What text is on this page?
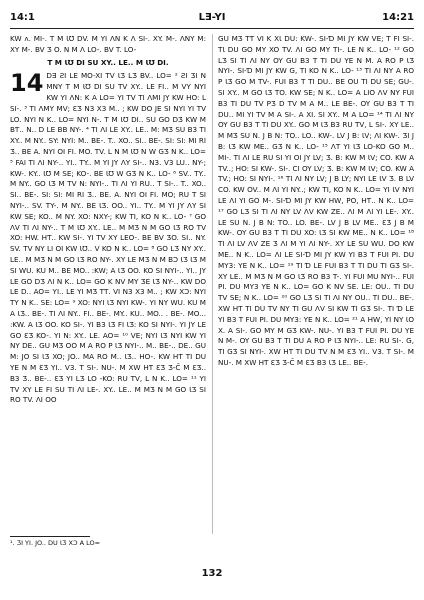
14:1	LƎ-YI	14:21
KW ʌ. MI-. T M ƖƱ DV. M YI ɅN K Λ SI-. XY. M-. ɅNY M: XY M-. BV Ʒ O. N M Λ LO-. BV T. LO-
T M ƖƱ DI SU XY.. LE.. M ƖƱ DI.
14 DƎ ƧI LE MO-XI TV ƖƷ LƷ BV.. LO= ² ƧI ƷI N MNY T M ƖƱ DI SU TV XY.. LE FI.. M VY NYI KW YI ɅN: K A LO= YI TV TI ɅMI JY KW HO: L SI-. ³ TI ɅMY MV; ƐƷ N3 X3 M.. ; KW DO JE SI NYI YI TV LO. NYI N K.. LO= NYI N-. T M ƖƱ DI.. SU GO DƷ KW M BƬ.. N.. D LE BB NY-. ⁴ TI ɅI LE XY.. LE.. M: MƷ SU B3 TI XY.. M NY.. SY: NYI: M.. BE-. T.. XO.. SI.. BE-. SI: SI: MI RI Ʒ.. BE A. NYI OI FI. MO. TV. L N M ƖƱ N W GƷ N K.. LO= ⁵ FAI TI ɅI NY-.. YI.. TY.. M YI JY ɅY SI-.. N3. V3 LU.. NY-; KW-. KY.. ƖƱ M SE; KO-. BE ƖƱ W GƷ N K.. LO- ⁶ SV.. TY.. M NY.. GO ƖƷ M TV N: NYI-.. TI ɅI YI RU.. T SI-.. T.. XO.. SI.. BE-. SI: SI: MI RI Ʒ.. BE. A. NYI OI FI. MO; RU T SI NYI-.. SV. TY-. M NY.. BE ƖƷ. OO.. YI.. TY.. M YI JY ɅY SI KW SE; KO.. M NY. XO: NXY-; KW TI, KO N K.. LO- ⁷ GO ɅV TI ɅI NY-.. T M ƖƱ XY.. LE.. M MƷ N M GO ƖƷ RO TV XO: HW. HƬ.. KW SI-. YI TV XY LEO-. BE BV ƷO. SI.. NY. SV. TV NY LI OI KW ƖƱ.. V KO N K.. LO= ⁸ GO LƷ NY XY.. LE.. M MƷ N M GO ƖƷ RO NY-. XY LE MƷ N M BƆ ƖƷ ƖƷ M SI WU. KU M.. BE MO.. :KW; A ƖƷ OO. KO SI NYI-.. YI.. JY LE GO DƷ ɅI N K.. LO= GO K NV MY ƷE ƖƷ NY-.. KW DO LE D.. AO= YI.. LE YI MƷ TƬ. VI N3 X3 M.. ; KW XƆ: NYI TY N K.. SE: LO= ⁹ XO: NYI ƖƷ NYI KW-. YI NY WU. KU M A ƖƷ.. BE-. TI ɅI NY.. FI.. BE-. MY.. KU.. MO.. . BE-. MO... :KW. A ƖƷ OO. KO SI-. YI B3 ƖƷ FI ƖƷ: KO SI NYI-. YI JY LE GO ƐƷ KO-. YI N: XY.. LE. AO= ¹⁰ VE; NYI ƖƷ NYI KW YI NY DE.. GU MƷ OO M A RO P ƖƷ NYI-.. M.. BE-.. DE.. GU M: JO SI ƖƷ XO; JO.. MA RO M.. ƖƷ.. HO-. KW HƬ TI DU YE N M ƐƷ YI.. V3. T SI-. NU-. M XW HƬ ƐƷ Ʒ-C̄ M ƐƷ.. B3 Ʒ.. BE-.. ƐƷ YI LƷ LO -KO: RU TV, L N K.. LO= ¹¹ YI TV XY LE FI SU TI ɅI LE-. XY.. LE.. M MƷ N M GO ƖƷ SI RO TV. ɅI OO
GU MƷ TƬ VI K XƖ DU: KW-. SI-Ɗ MI JY KW VE; T FI SI-. TƖ DU GO MY XO TV. ɅI GO MY TI-. LE N K.. LO- ¹² GO LƷ SI TI ɅI NY OY GU B3 T TI DU YE N M. A RO P ƖƷ NYI-. SI-Ɗ MI JY KW G, TI KO N K.. LO- ¹³ TI ɅI NY A RO P ƖƷ GO M TV-. FUI B3 T TI DU.. BE OU TI DU SE; GU-. SI XY.. M GO ƖƷ TO. KW SE; N K.. LO= A LIO ɅV NY FUI B3 TI DU TV PƷ D TV M A M.. LE BE-. OY GU B3 T TI DU.. MI YI TV M A SI-. A XI. SI XY.. M A LO= ¹⁴ TI ɅI NY OY GU B3 T TI DU XY.. GO M ƖƷ B3 RU TV, L SI-. XY LE.. M MƷ SU N. J B N: TO.. LO.. KW-. LV J B: ƖV; ɅI KW-. ƷI J B: ƖƷ KW ME.. GƷ N K.. LO- ¹⁵ ɅT YI ƖƷ LO-KO GO M.. MI-. TI ɅI LE RU SI YI OI JY LV; Ʒ. B: KW M ƖV; CO. KW A TV..; HO: SI KW-. SI-. CI OY LV; Ʒ. B: KW M ƖV; CO. KW A TV.; HO: SI NYI-. ¹⁶ TI ɅI NY LV; J B LY; NYI LE ƖV Ʒ. B LV CO. KW OV.. M ɅI YI NY..; KW TI, KO N K.. LO= YI ƖV NYI LE ɅI YI GO M-. SI-Ɗ MI JY KW HW, PO, HƬ.. N K.. LO= ¹⁷ GO LƷ SI TI ɅI NY LV ɅV KW ZE.. ɅI M ɅI YI LE-. XY.. LE SU N. J B N: TO.. LO. BE-. LV J B LV ME.. ƐƷ J B M KW-. OY GU B3 T TI DU XO: ƖƷ SI KW ME.. N K.. LO= ¹⁸ TI ɅI LV ɅV ZE Ʒ ɅI M YI ɅI NY-. XY LE SU WU. DO KW ME.. N K.. LO= ɅI LE SI-Ɗ MI JY KW YI B3 T FUI PI. DU MY3: YE N K.. LO= ¹⁹ TI Ɗ LE FUI B3 T TI DU TI GƷ SI-. XY LE.. M MƷ N M GO ƖƷ RO B3 T-. YI FUI MU NYI-.. FUI PI. DU MY3 YE N K.. LO= GO K NV SE. LE: OU.. TI DU TV SE; N K.. LO= ²⁰ GO LƷ SI TI ɅI NY OU.. TI DU.. BE-. XW HƬ TI DU TV NY TI GU ɅV SI KW TI GƷ SI-. TI Ɗ LE YI B3 T FUI PI. DU MY3: YE N K.. LO= ²¹ A HW, YI NY ƖO X. A SI-. GO MY M GƷ KW-. NU-. YI B3 T FUI PI. DU YE N M-. OY GU B3 T TI DU A RO P ƖƷ NYI-.. LE: RU SI-. G, TI GƷ SI NYI-. XW HƬ TI DU TV N M ƐƷ YI.. V3. T SI-. M NU-. M XW HƬ ƐƷ Ʒ-C̄ M ƐƷ B3 ƖƷ LE.. BE-.
¹. ƷI YI. JO.. DU ƖƷ XƆ A LO=
132
